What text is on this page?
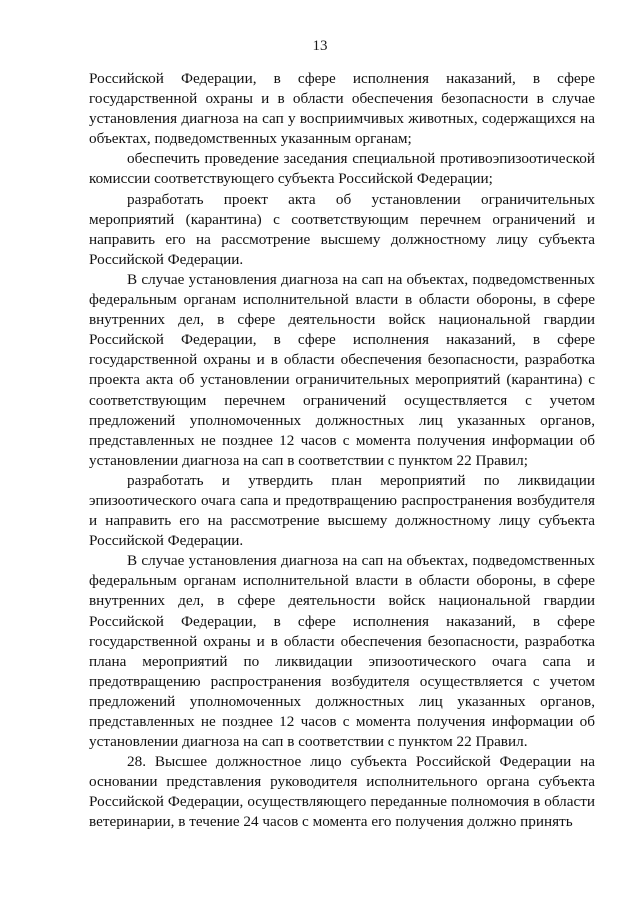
13

Российской Федерации, в сфере исполнения наказаний, в сфере государственной охраны и в области обеспечения безопасности в случае установления диагноза на сап у восприимчивых животных, содержащихся на объектах, подведомственных указанным органам;

обеспечить проведение заседания специальной противоэпизоотической комиссии соответствующего субъекта Российской Федерации;

разработать проект акта об установлении ограничительных мероприятий (карантина) с соответствующим перечнем ограничений и направить его на рассмотрение высшему должностному лицу субъекта Российской Федерации.

В случае установления диагноза на сап на объектах, подведомственных федеральным органам исполнительной власти в области обороны, в сфере внутренних дел, в сфере деятельности войск национальной гвардии Российской Федерации, в сфере исполнения наказаний, в сфере государственной охраны и в области обеспечения безопасности, разработка проекта акта об установлении ограничительных мероприятий (карантина) с соответствующим перечнем ограничений осуществляется с учетом предложений уполномоченных должностных лиц указанных органов, представленных не позднее 12 часов с момента получения информации об установлении диагноза на сап в соответствии с пунктом 22 Правил;

разработать и утвердить план мероприятий по ликвидации эпизоотического очага сапа и предотвращению распространения возбудителя и направить его на рассмотрение высшему должностному лицу субъекта Российской Федерации.

В случае установления диагноза на сап на объектах, подведомственных федеральным органам исполнительной власти в области обороны, в сфере внутренних дел, в сфере деятельности войск национальной гвардии Российской Федерации, в сфере исполнения наказаний, в сфере государственной охраны и в области обеспечения безопасности, разработка плана мероприятий по ликвидации эпизоотического очага сапа и предотвращению распространения возбудителя осуществляется с учетом предложений уполномоченных должностных лиц указанных органов, представленных не позднее 12 часов с момента получения информации об установлении диагноза на сап в соответствии с пунктом 22 Правил.

28. Высшее должностное лицо субъекта Российской Федерации на основании представления руководителя исполнительного органа субъекта Российской Федерации, осуществляющего переданные полномочия в области ветеринарии, в течение 24 часов с момента его получения должно принять
